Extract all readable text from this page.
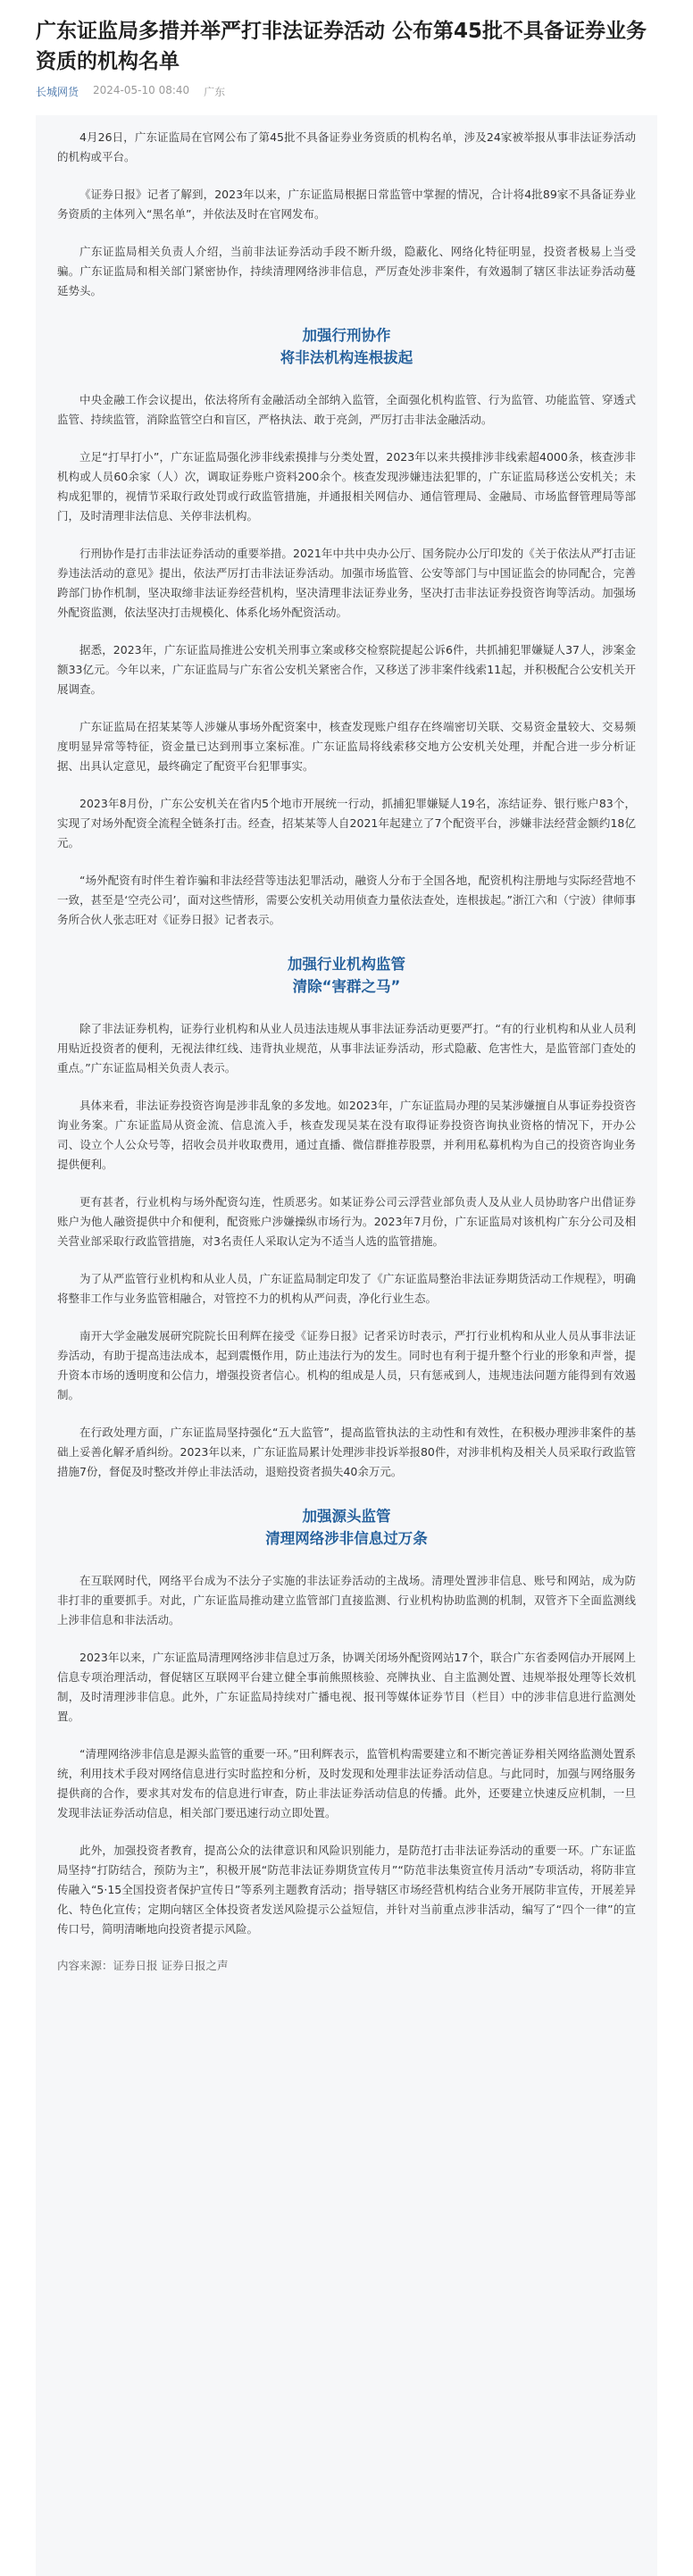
广东证监局多措并举严打非法证券活动 公布第45批不具备证券业务资质的机构名单
长城网货 2024-05-10 08:40 广东

4月26日，广东证监局在官网公布了第45批不具备证券业务资质的机构名单，涉及24家被举报从事非法证券活动的机构或平台。

《证券日报》记者了解到，2023年以来，广东证监局根据日常监管中掌握的情况，合计将4批89家不具备证券业务资质的主体列入“黑名单”，并依法及时在官网发布。

广东证监局相关负责人介绍，当前非法证券活动手段不断升级，隐蔽化、网络化特征明显，投资者极易上当受骗。广东证监局和相关部门紧密协作，持续清理网络涉非信息，严厉查处涉非案件，有效遏制了辖区非法证券活动蔓延势头。

加强行刑协作
将非法机构连根拔起

中央金融工作会议提出，依法将所有金融活动全部纳入监管，全面强化机构监管、行为监管、功能监管、穿透式监管、持续监管，消除监管空白和盲区，严格执法、敢于亮剑，严厉打击非法金融活动。

立足“打早打小”，广东证监局强化涉非线索摸排与分类处置，2023年以来共摸排涉非线索超4000条，核查涉非机构或人员60余家（人）次，调取证券账户资料200余个。核查发现涉嫌违法犯罪的，广东证监局移送公安机关；未构成犯罪的，视情节采取行政处罚或行政监管措施，并通报相关网信办、通信管理局、金融局、市场监督管理局等部门，及时清理非法信息、关停非法机构。

行刑协作是打击非法证券活动的重要举措。2021年中共中央办公厅、国务院办公厅印发的《关于依法从严打击证券违法活动的意见》提出，依法严厉打击非法证券活动。加强市场监管、公安等部门与中国证监会的协同配合，完善跨部门协作机制，坚决取缔非法证券经营机构，坚决清理非法证券业务，坚决打击非法证券投资咨询等活动。加强场外配资监测，依法坚决打击规模化、体系化场外配资活动。

据悉，2023年，广东证监局推进公安机关刑事立案或移交检察院提起公诉6件，共抓捕犯罪嫌疑人37人，涉案金额33亿元。今年以来，广东证监局与广东省公安机关紧密合作，又移送了涉非案件线索11起，并积极配合公安机关开展调查。

广东证监局在招某某等人涉嫌从事场外配资案中，核查发现账户组存在终端密切关联、交易资金量较大、交易频度明显异常等特征，资金量已达到刑事立案标准。广东证监局将线索移交地方公安机关处理，并配合进一步分析证据、出具认定意见，最终确定了配资平台犯罪事实。

2023年8月份，广东公安机关在省内5个地市开展统一行动，抓捕犯罪嫌疑人19名，冻结证券、银行账户83个，实现了对场外配资全流程全链条打击。经查，招某某等人自2021年起建立了7个配资平台，涉嫌非法经营金额约18亿元。

“场外配资有时伴生着诈骗和非法经营等违法犯罪活动，融资人分布于全国各地，配资机构注册地与实际经营地不一致，甚至是‘空壳公司’，面对这些情形，需要公安机关动用侦查力量依法查处，连根拔起。”浙江六和（宁波）律师事务所合伙人张志旺对《证券日报》记者表示。

加强行业机构监管
清除“害群之马”

除了非法证券机构，证券行业机构和从业人员违法违规从事非法证券活动更要严打。“有的行业机构和从业人员利用贴近投资者的便利，无视法律红线、违背执业规范，从事非法证券活动，形式隐蔽、危害性大，是监管部门查处的重点。”广东证监局相关负责人表示。

具体来看，非法证券投资咨询是涉非乱象的多发地。如2023年，广东证监局办理的吴某涉嫌擅自从事证券投资咨询业务案。广东证监局从资金流、信息流入手，核查发现吴某在没有取得证券投资咨询执业资格的情况下，开办公司、设立个人公众号等，招收会员并收取费用，通过直播、微信群推荐股票，并利用私募机构为自己的投资咨询业务提供便利。

更有甚者，行业机构与场外配资勾连，性质恶劣。如某证券公司云浮营业部负责人及从业人员协助客户出借证券账户为他人融资提供中介和便利，配资账户涉嫌操纵市场行为。2023年7月份，广东证监局对该机构广东分公司及相关营业部采取行政监管措施，对3名责任人采取认定为不适当人选的监管措施。

为了从严监管行业机构和从业人员，广东证监局制定印发了《广东证监局整治非法证券期货活动工作规程》，明确将整非工作与业务监管相融合，对管控不力的机构从严问责，净化行业生态。

南开大学金融发展研究院院长田利辉在接受《证券日报》记者采访时表示，严打行业机构和从业人员从事非法证券活动，有助于提高违法成本，起到震慑作用，防止违法行为的发生。同时也有利于提升整个行业的形象和声誉，提升资本市场的透明度和公信力，增强投资者信心。机构的组成是人员，只有惩戒到人，违规违法问题方能得到有效遏制。

在行政处理方面，广东证监局坚持强化“五大监管”，提高监管执法的主动性和有效性，在积极办理涉非案件的基础上妥善化解矛盾纠纷。2023年以来，广东证监局累计处理涉非投诉举报80件，对涉非机构及相关人员采取行政监管措施7份，督促及时整改并停止非法活动，退赔投资者损失40余万元。

加强源头监管
清理网络涉非信息过万条

在互联网时代，网络平台成为不法分子实施的非法证券活动的主战场。清理处置涉非信息、账号和网站，成为防非打非的重要抓手。对此，广东证监局推动建立监管部门直接监测、行业机构协助监测的机制，双管齐下全面监测线上涉非信息和非法活动。

2023年以来，广东证监局清理网络涉非信息过万条，协调关闭场外配资网站17个，联合广东省委网信办开展网上信息专项治理活动，督促辖区互联网平台建立健全事前熊照核验、亮牌执业、自主监测处置、违规举报处理等长效机制，及时清理涉非信息。此外，广东证监局持续对广播电视、报刊等媒体证券节目（栏目）中的涉非信息进行监测处置。

“清理网络涉非信息是源头监管的重要一环。”田利辉表示，监管机构需要建立和不断完善证券相关网络监测处置系统，利用技术手段对网络信息进行实时监控和分析，及时发现和处理非法证券活动信息。与此同时，加强与网络服务提供商的合作，要求其对发布的信息进行审查，防止非法证券活动信息的传播。此外，还要建立快速反应机制，一旦发现非法证券活动信息，相关部门要迅速行动立即处置。

此外，加强投资者教育，提高公众的法律意识和风险识别能力，是防范打击非法证券活动的重要一环。广东证监局坚持“打防结合，预防为主”，积极开展“防范非法证券期货宣传月”“防范非法集资宣传月活动”专项活动，将防非宣传融入“5·15全国投资者保护宣传日”等系列主题教育活动；指导辖区市场经营机构结合业务开展防非宣传，开展差异化、特色化宣传；定期向辖区全体投资者发送风险提示公益短信，并针对当前重点涉非活动，编写了“四个一律”的宣传口号，简明清晰地向投资者提示风险。

内容来源：证券日报 证券日报之声
